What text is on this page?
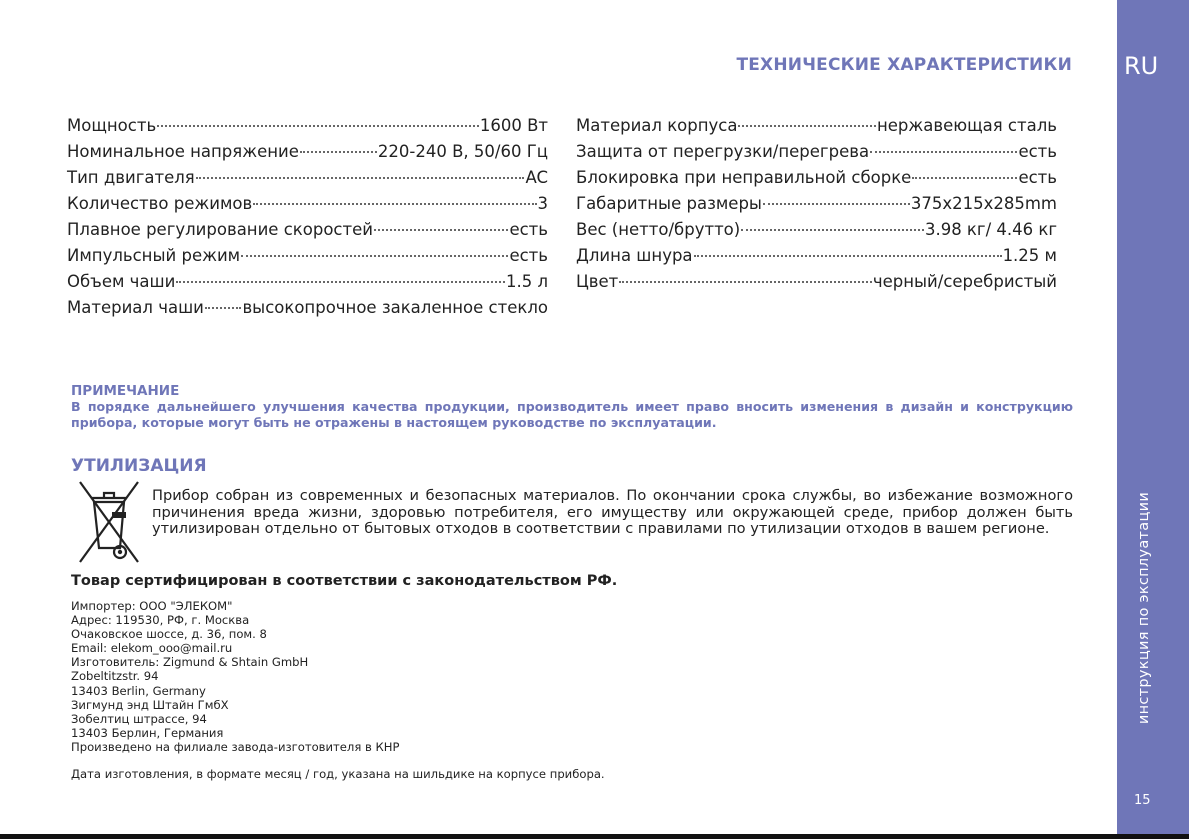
RU
инструкция по эксплуатации
15
ТЕХНИЧЕСКИЕ ХАРАКТЕРИСТИКИ
Мощность	1600 Вт
Номинальное напряжение	220-240 В, 50/60 Гц
Тип двигателя	AC
Количество режимов	3
Плавное регулирование скоростей	есть
Импульсный режим	есть
Объем чаши	1.5 л
Материал чаши высокопрочное закаленное стекло
Материал корпуса	нержавеющая сталь
Защита от перегрузки/перегрева	есть
Блокировка при неправильной сборке	есть
Габаритные размеры	375x215x285mm
Вес (нетто/брутто)	3.98 кг/ 4.46 кг
Длина шнура	1.25 м
Цвет	черный/серебристый
ПРИМЕЧАНИЕ
В порядке дальнейшего улучшения качества продукции, производитель имеет право вносить изменения в дизайн и конструкцию прибора, которые могут быть не отражены в настоящем руководстве по эксплуатации.
УТИЛИЗАЦИЯ
Прибор собран из современных и безопасных материалов. По окончании срока службы, во избежание возможного причинения вреда жизни, здоровью потребителя, его имуществу или окружающей среде, прибор должен быть утилизирован отдельно от бытовых отходов в соответствии с правилами по утилизации отходов в вашем регионе.
Товар сертифицирован в соответствии с законодательством РФ.
Импортер: ООО "ЭЛЕКОМ"
Адрес: 119530, РФ, г. Москва
Очаковское шоссе, д. 36, пом. 8
Email: elekom_ooo@mail.ru
Изготовитель: Zigmund & Shtain GmbH
Zobeltitzstr. 94
13403 Berlin, Germany
Зигмунд энд Штайн ГмбХ
Зобелтиц штрассе, 94
13403 Берлин, Германия
Произведено на филиале завода-изготовителя в КНР
Дата изготовления, в формате месяц / год, указана на шильдике на корпусе прибора.
